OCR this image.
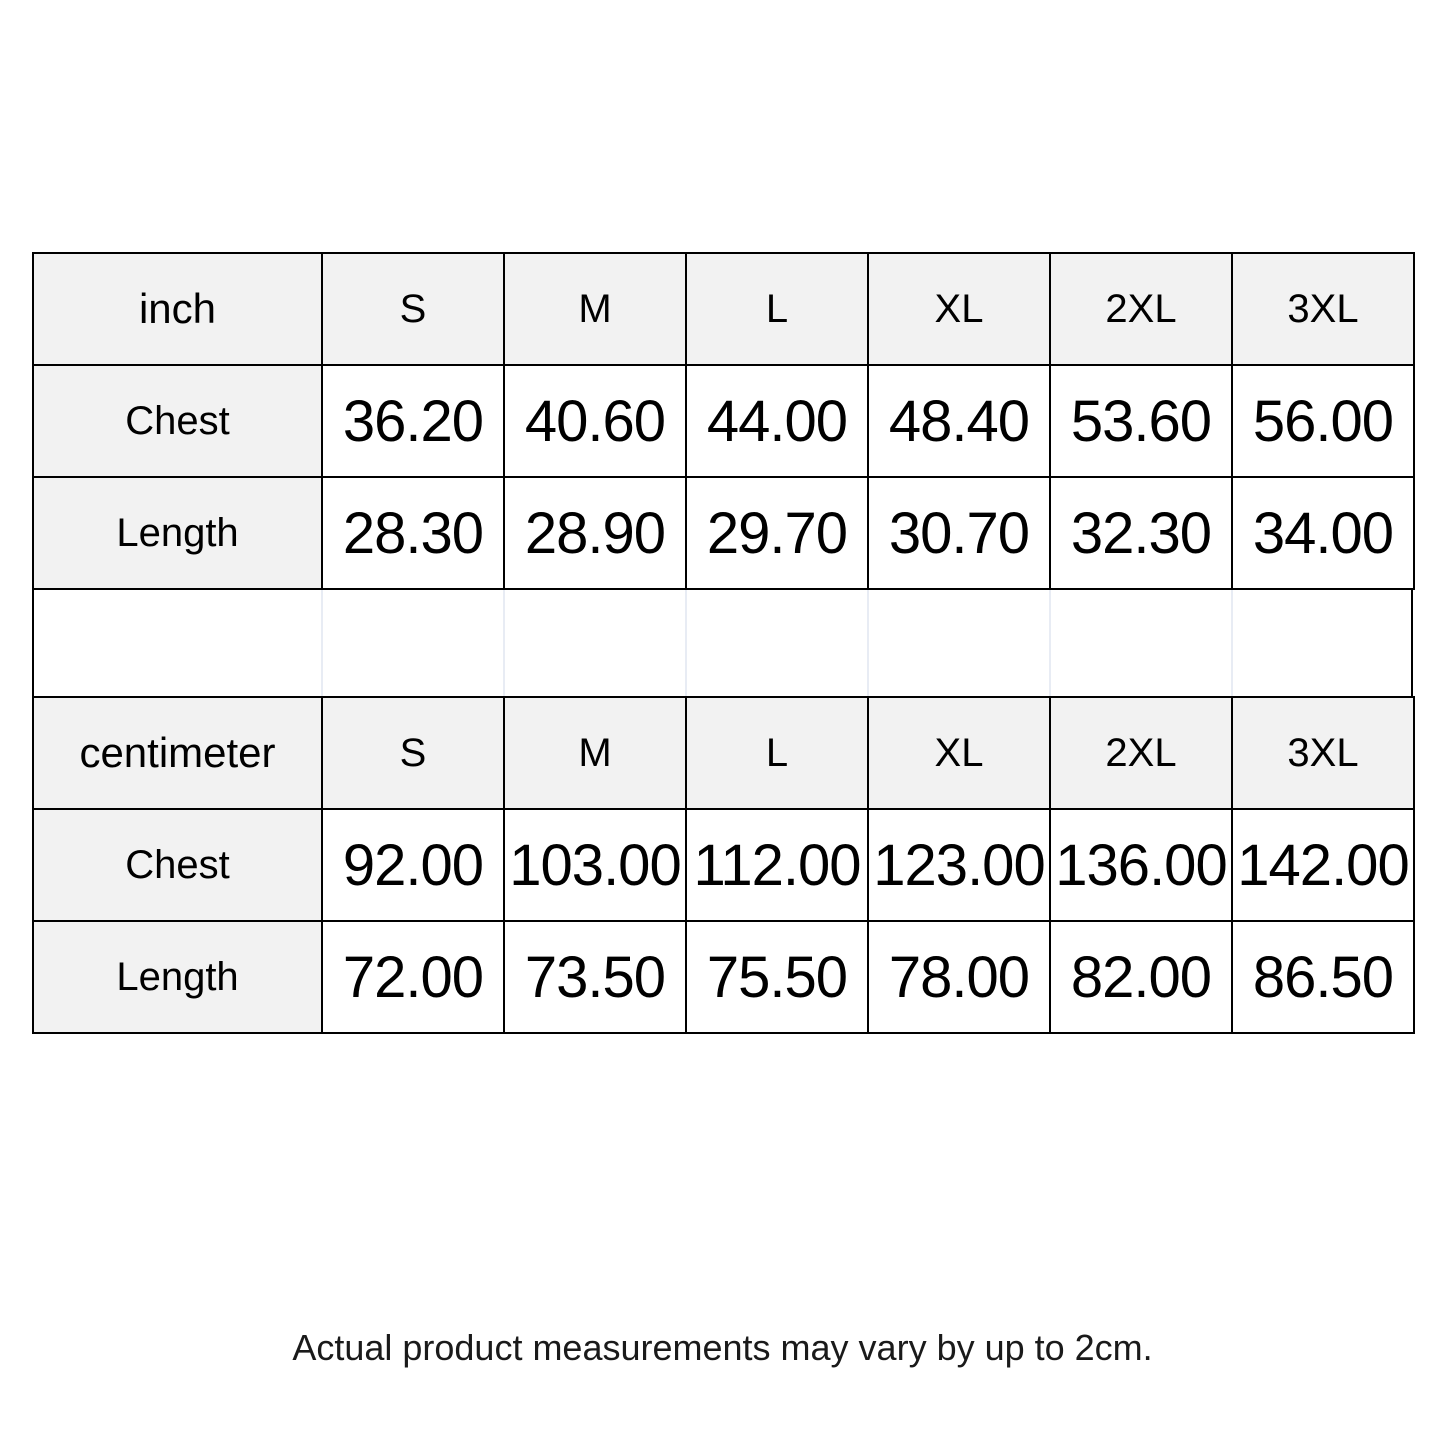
inch	S	M	L	XL	2XL	3XL
Chest	36.20	40.60	44.00	48.40	53.60	56.00
Length	28.30	28.90	29.70	30.70	32.30	34.00
centimeter	S	M	L	XL	2XL	3XL
Chest	92.00	103.00	112.00	123.00	136.00	142.00
Length	72.00	73.50	75.50	78.00	82.00	86.50
Actual product measurements may vary by up to 2cm.
